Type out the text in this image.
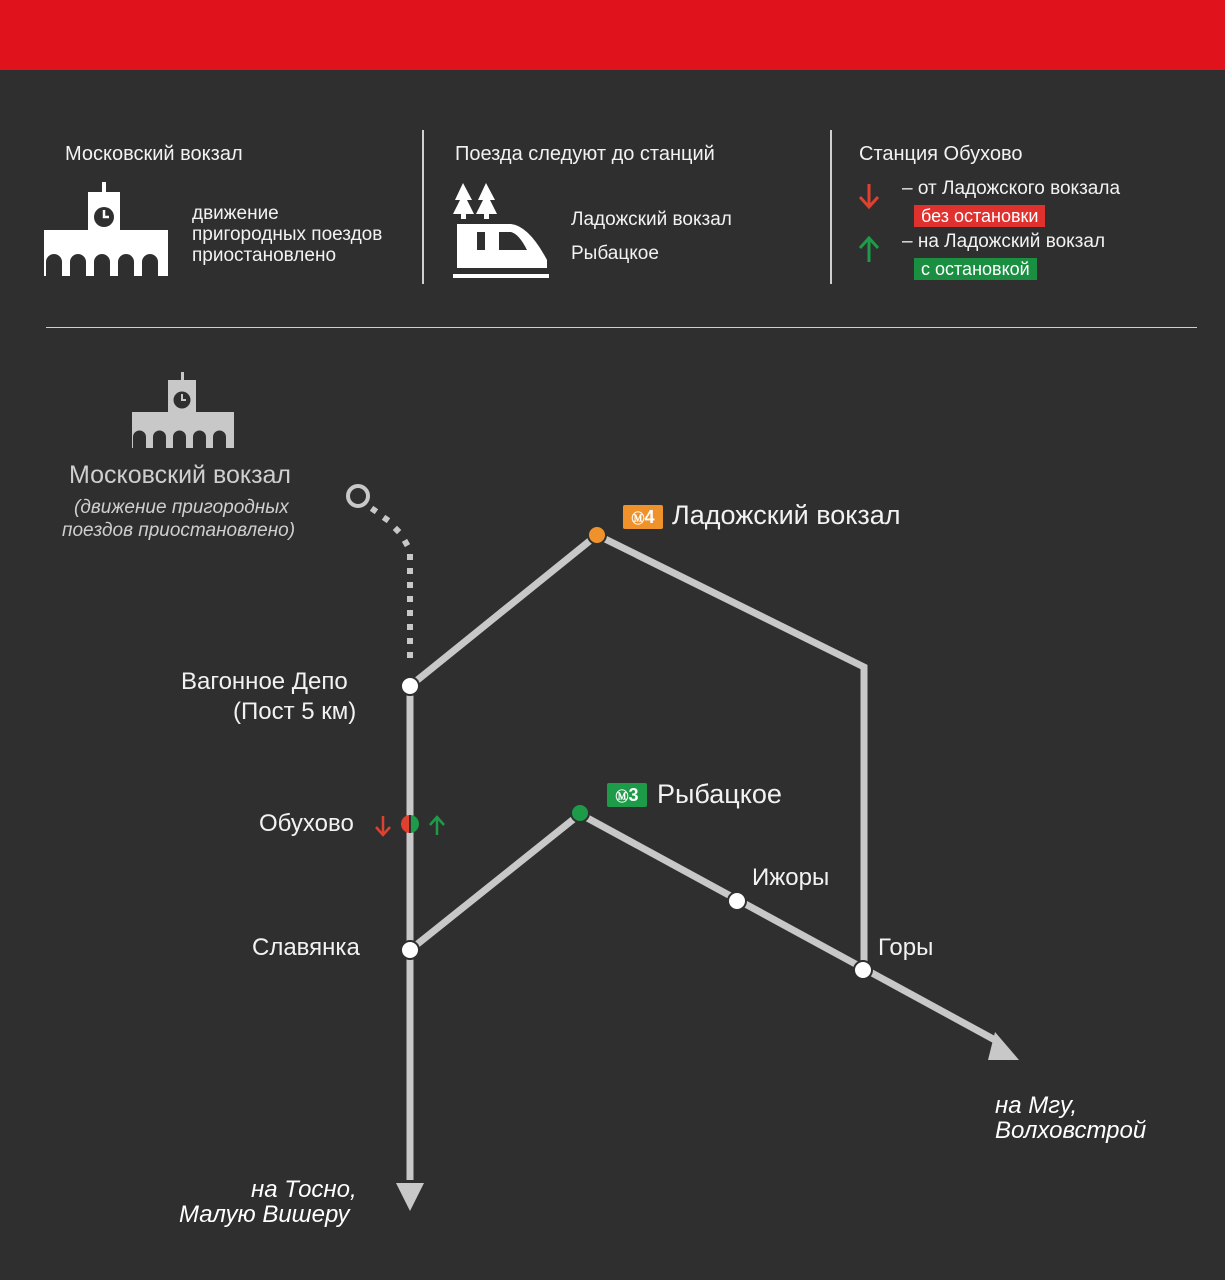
Московский вокзал
движение
пригородных поездов
приостановлено
Поезда следуют до станций
Ладожский вокзал
Рыбацкое
Станция Обухово
– от Ладожского вокзала
без остановки
– на Ладожский вокзал
с остановкой
Ⓜ4
Ⓜ3
Московский вокзал
(движение пригородных
поездов приостановлено)
Ладожский вокзал
Рыбацкое
Вагонное Депо
(Пост 5 км)
Обухово
Славянка
Ижоры
Горы
на Тосно,
Малую Вишеру
на Мгу,
Волховстрой
